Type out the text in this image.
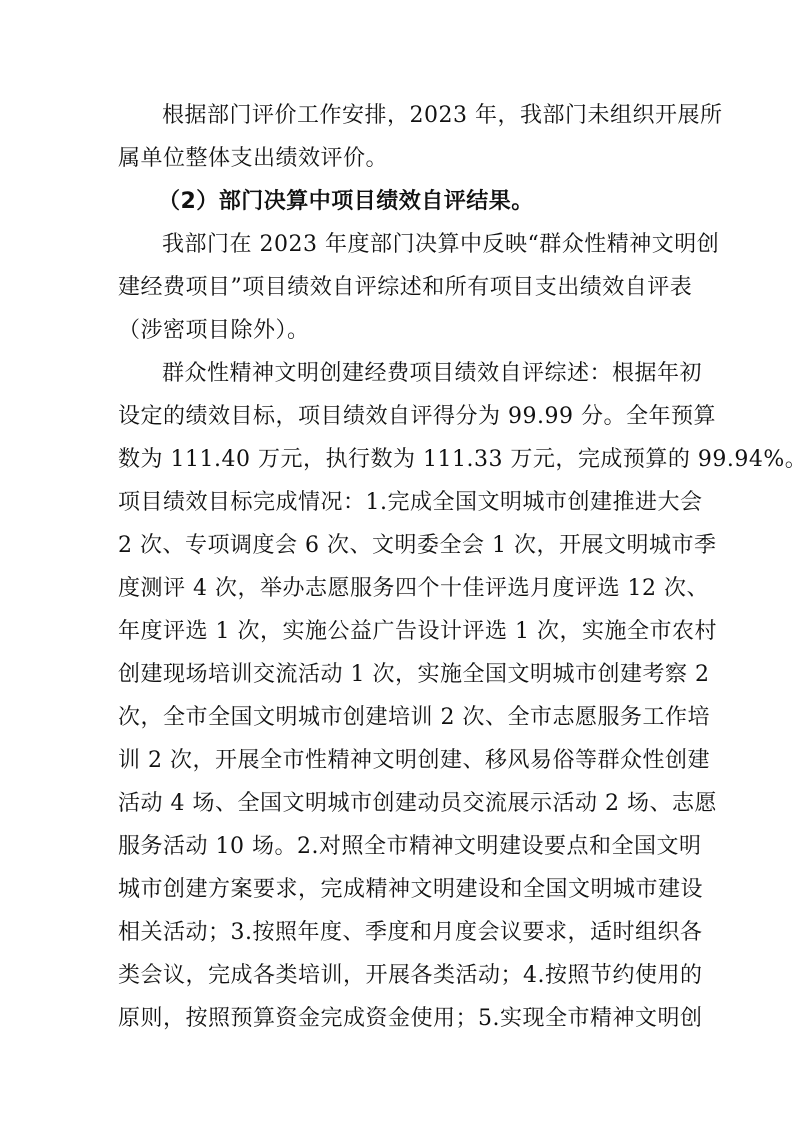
根据部门评价工作安排，2023 年，我部门未组织开展所
属单位整体支出绩效评价。
（2）部门决算中项目绩效自评结果。
我部门在 2023 年度部门决算中反映“群众性精神文明创
建经费项目”项目绩效自评综述和所有项目支出绩效自评表
（涉密项目除外）。
群众性精神文明创建经费项目绩效自评综述：根据年初
设定的绩效目标，项目绩效自评得分为 99.99 分。全年预算
数为 111.40 万元，执行数为 111.33 万元，完成预算的 99.94%。
项目绩效目标完成情况：1.完成全国文明城市创建推进大会
2 次、专项调度会 6 次、文明委全会 1 次，开展文明城市季
度测评 4 次，举办志愿服务四个十佳评选月度评选 12 次、
年度评选 1 次，实施公益广告设计评选 1 次，实施全市农村
创建现场培训交流活动 1 次，实施全国文明城市创建考察 2
次，全市全国文明城市创建培训 2 次、全市志愿服务工作培
训 2 次，开展全市性精神文明创建、移风易俗等群众性创建
活动 4 场、全国文明城市创建动员交流展示活动 2 场、志愿
服务活动 10 场。2.对照全市精神文明建设要点和全国文明
城市创建方案要求，完成精神文明建设和全国文明城市建设
相关活动；3.按照年度、季度和月度会议要求，适时组织各
类会议，完成各类培训，开展各类活动；4.按照节约使用的
原则，按照预算资金完成资金使用；5.实现全市精神文明创
